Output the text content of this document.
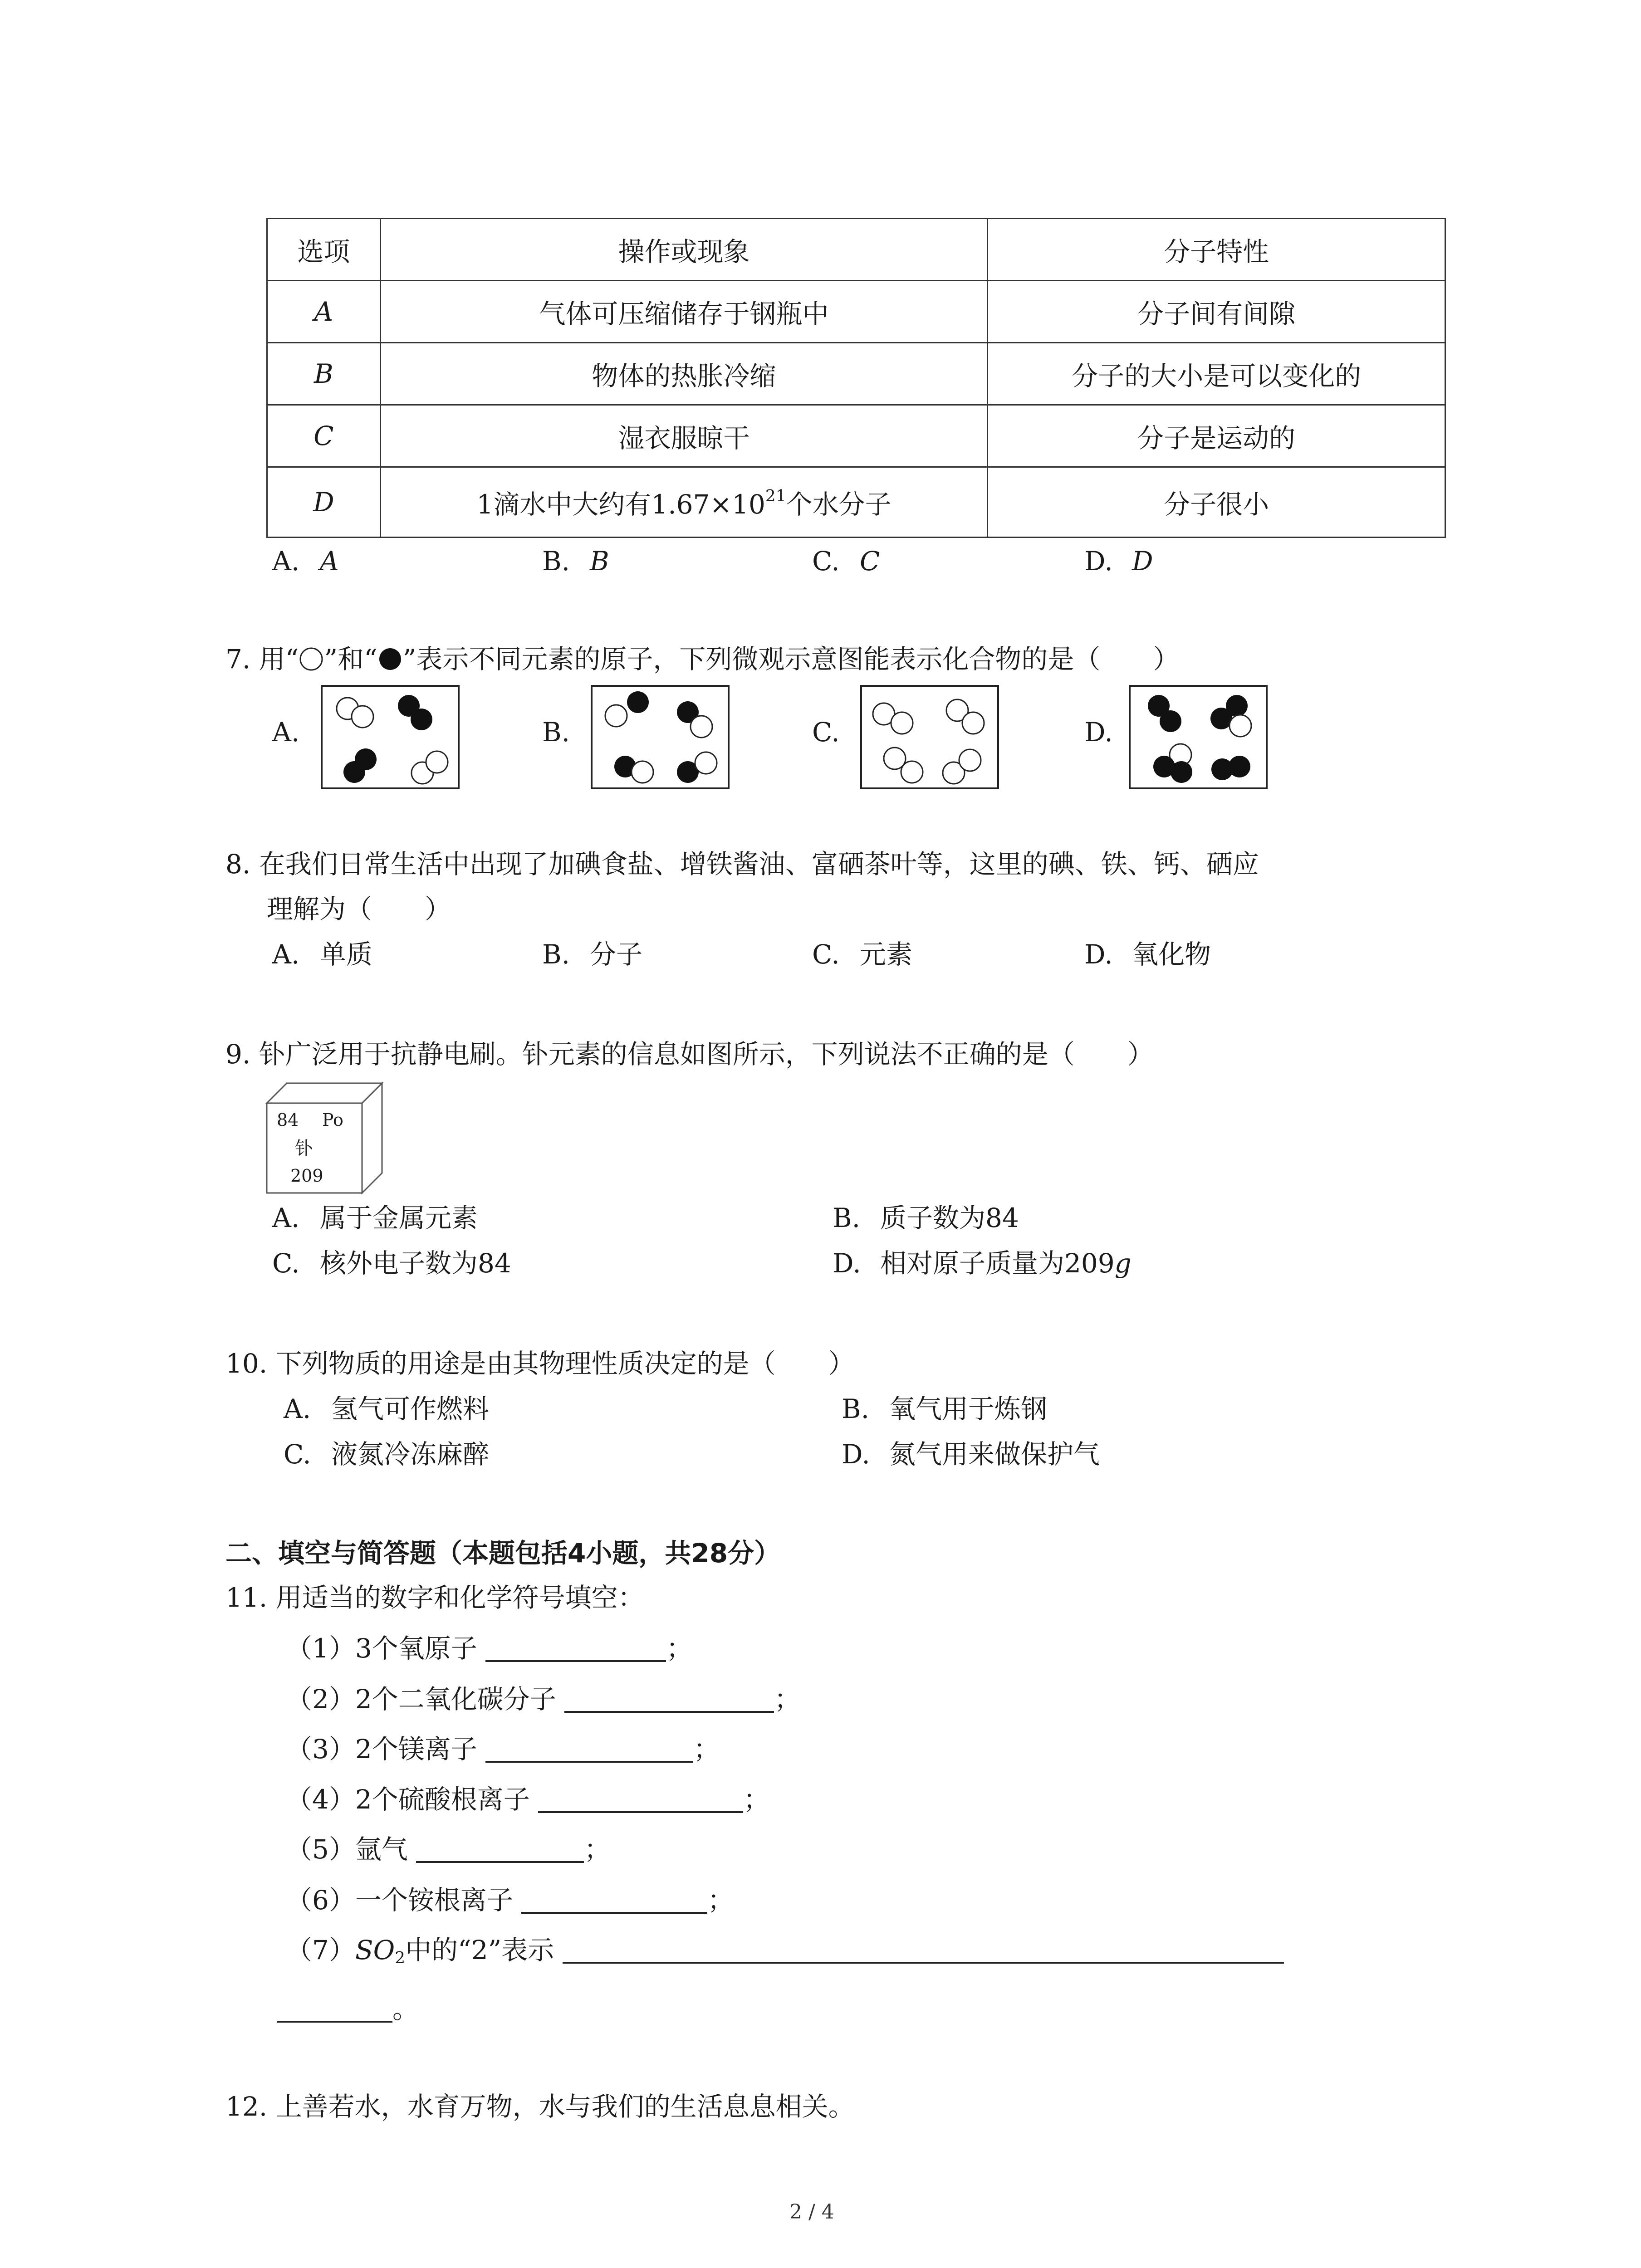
选项	操作或现象	分子特性
A	气体可压缩储存于钢瓶中	分子间有间隙
B	物体的热胀冷缩	分子的大小是可以变化的
C	湿衣服晾干	分子是运动的
D	1滴水中大约有$1.67\times 10^{21}$个水分子	分子很小
A. A	B. B	C. C	D. D
7. 用“ ”和“ ”表示不同元素的原子，下列微观示意图能表示化合物的是（　　）
A.	B.	C.	D.
8. 在我们日常生活中出现了加碘食盐、增铁酱油、富硒茶叶等，这里的碘、铁、钙、硒应
理解为（　　）
A. 单质	B. 分子	C. 元素	D. 氧化物
9. 钋广泛用于抗静电刷。钋元素的信息如图所示，下列说法不正确的是（　　）
84 Po
钋
209
A. 属于金属元素	B. 质子数为84
C. 核外电子数为84	D. 相对原子质量为209g
10. 下列物质的用途是由其物理性质决定的是（　　）
A. 氢气可作燃料	B. 氧气用于炼钢
C. 液氮冷冻麻醉	D. 氮气用来做保护气
二、填空与简答题（本题包括4小题，共28分）
11. 用适当的数字和化学符号填空：
（1）3个氧原子	；
（2）2个二氧化碳分子	；
（3）2个镁离子	；
（4）2个硫酸根离子	；
（5）氩气	；
（6）一个铵根离子	；
$(7)SO_2$中的“2”表示
。
12. 上善若水，水育万物，水与我们的生活息息相关。
2 / 4
